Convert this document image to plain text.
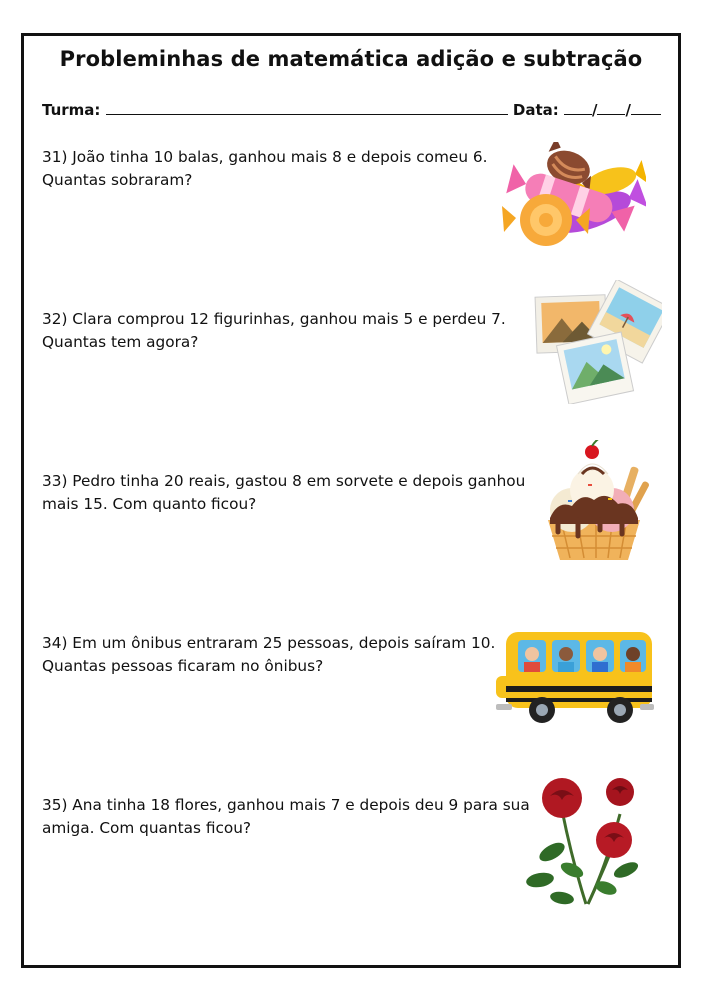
Probleminhas de matemática adição e subtração
Turma:	Data: / /
31) João tinha 10 balas, ganhou mais 8 e depois comeu 6.
Quantas sobraram?
32) Clara comprou 12 figurinhas, ganhou mais 5 e perdeu 7.
Quantas tem agora?
33) Pedro tinha 20 reais, gastou 8 em sorvete e depois ganhou
mais 15. Com quanto ficou?
34) Em um ônibus entraram 25 pessoas, depois saíram 10.
Quantas pessoas ficaram no ônibus?
35) Ana tinha 18 flores, ganhou mais 7 e depois deu 9 para sua
amiga. Com quantas ficou?
